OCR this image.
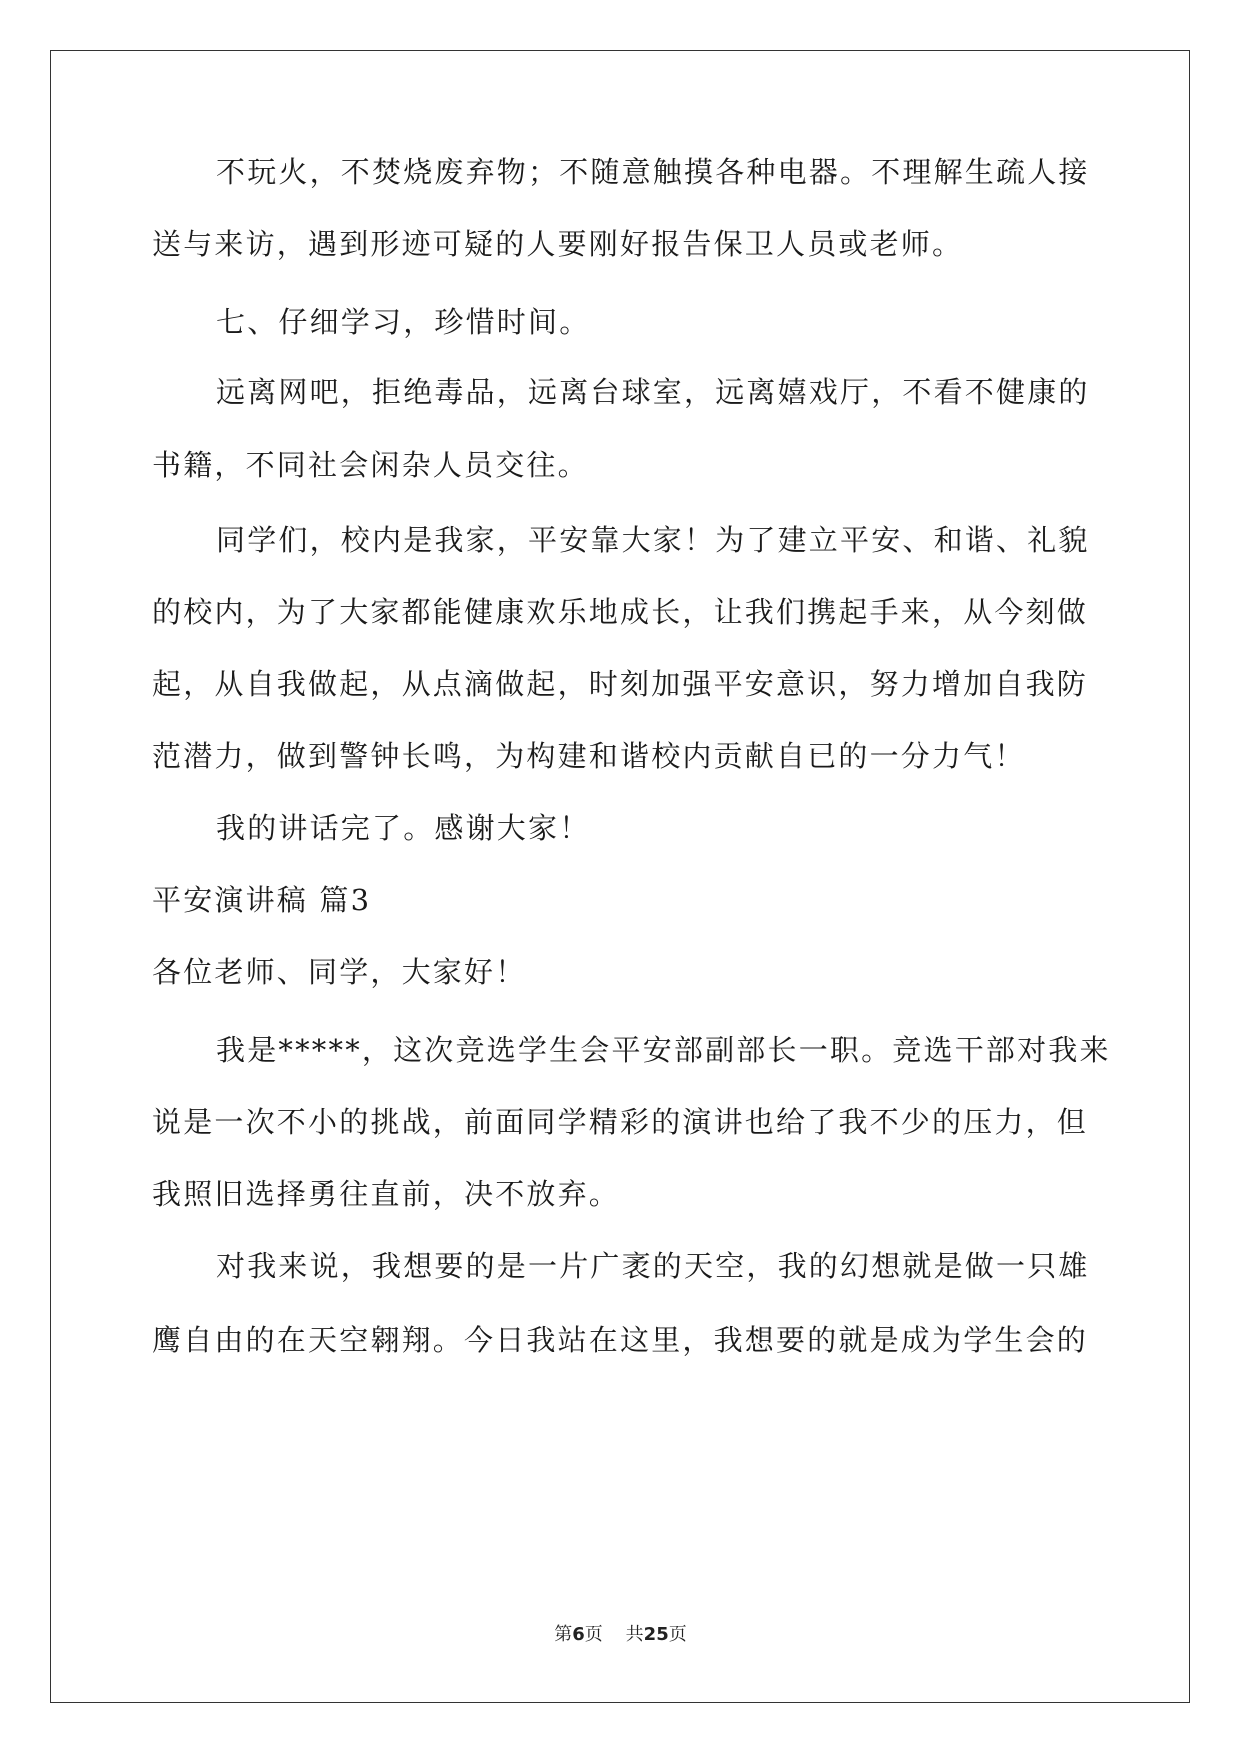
不玩火，不焚烧废弃物；不随意触摸各种电器。不理解生疏人接
送与来访，遇到形迹可疑的人要刚好报告保卫人员或老师。
七、仔细学习，珍惜时间。
远离网吧，拒绝毒品，远离台球室，远离嬉戏厅，不看不健康的
书籍，不同社会闲杂人员交往。
同学们，校内是我家，平安靠大家！为了建立平安、和谐、礼貌
的校内，为了大家都能健康欢乐地成长，让我们携起手来，从今刻做
起，从自我做起，从点滴做起，时刻加强平安意识，努力增加自我防
范潜力，做到警钟长鸣，为构建和谐校内贡献自已的一分力气！
我的讲话完了。感谢大家！
平安演讲稿 篇3
各位老师、同学，大家好！
我是*****，这次竞选学生会平安部副部长一职。竞选干部对我来
说是一次不小的挑战，前面同学精彩的演讲也给了我不少的压力，但
我照旧选择勇往直前，决不放弃。
对我来说，我想要的是一片广袤的天空，我的幻想就是做一只雄
鹰自由的在天空翱翔。今日我站在这里，我想要的就是成为学生会的
第6页 共25页
